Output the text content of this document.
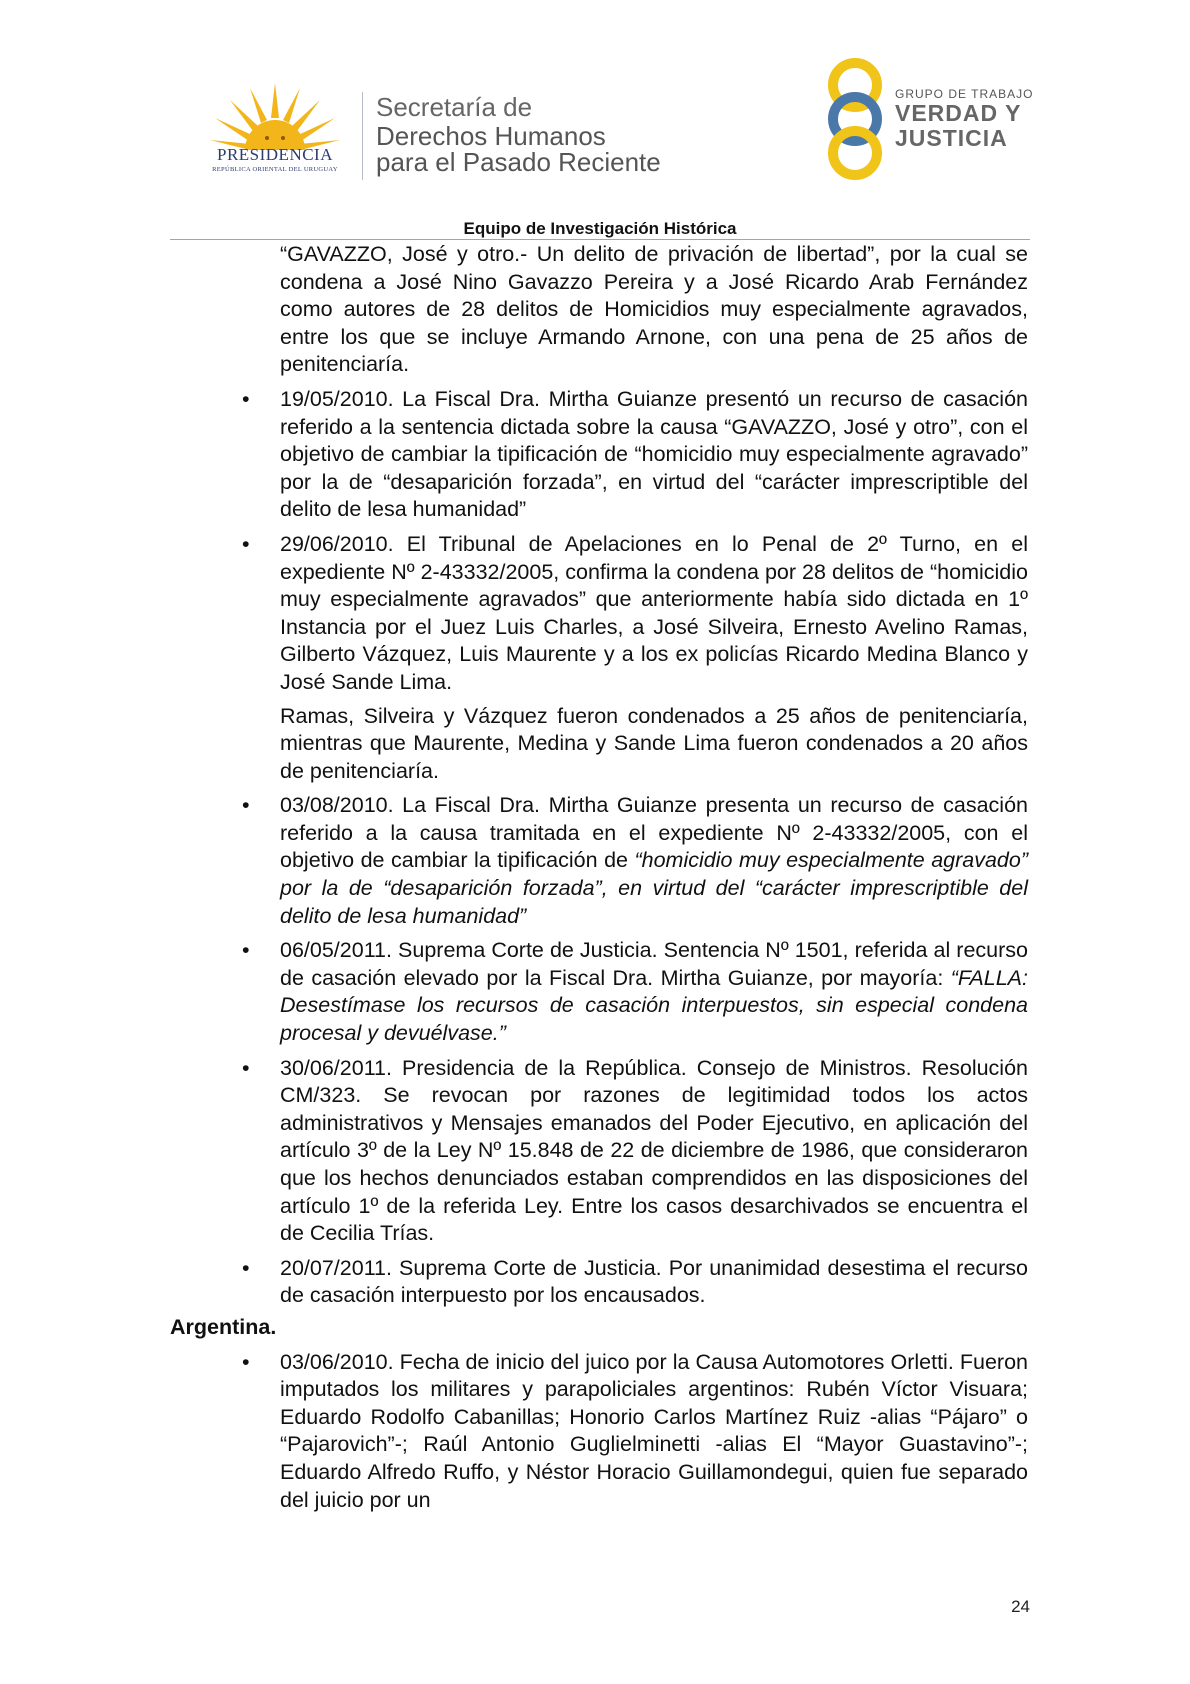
PRESIDENCIA
REPÚBLICA ORIENTAL DEL URUGUAY
Secretaría de
Derechos Humanos
para el Pasado Reciente
GRUPO DE TRABAJO
VERDAD Y
JUSTICIA
Equipo de Investigación Histórica

“GAVAZZO, José y otro.- Un delito de privación de libertad”, por la cual se condena a José Nino Gavazzo Pereira y a José Ricardo Arab Fernández como autores de 28 delitos de Homicidios muy especialmente agravados, entre los que se incluye Armando Arnone, con una pena de 25 años de penitenciaría.

• 19/05/2010. La Fiscal Dra. Mirtha Guianze presentó un recurso de casación referido a la sentencia dictada sobre la causa “GAVAZZO, José y otro”, con el objetivo de cambiar la tipificación de “homicidio muy especialmente agravado” por la de “desaparición forzada”, en virtud del “carácter imprescriptible del delito de lesa humanidad”

• 29/06/2010. El Tribunal de Apelaciones en lo Penal de 2º Turno, en el expediente Nº 2-43332/2005, confirma la condena por 28 delitos de “homicidio muy especialmente agravados” que anteriormente había sido dictada en 1º Instancia por el Juez Luis Charles, a José Silveira, Ernesto Avelino Ramas, Gilberto Vázquez, Luis Maurente y a los ex policías Ricardo Medina Blanco y José Sande Lima.

Ramas, Silveira y Vázquez fueron condenados a 25 años de penitenciaría, mientras que Maurente, Medina y Sande Lima fueron condenados a 20 años de penitenciaría.

• 03/08/2010. La Fiscal Dra. Mirtha Guianze presenta un recurso de casación referido a la causa tramitada en el expediente Nº 2-43332/2005, con el objetivo de cambiar la tipificación de “homicidio muy especialmente agravado” por la de “desaparición forzada”, en virtud del “carácter imprescriptible del delito de lesa humanidad”

• 06/05/2011. Suprema Corte de Justicia. Sentencia Nº 1501, referida al recurso de casación elevado por la Fiscal Dra. Mirtha Guianze, por mayoría: “FALLA: Desestímase los recursos de casación interpuestos, sin especial condena procesal y devuélvase.”

• 30/06/2011. Presidencia de la República. Consejo de Ministros. Resolución CM/323. Se revocan por razones de legitimidad todos los actos administrativos y Mensajes emanados del Poder Ejecutivo, en aplicación del artículo 3º de la Ley Nº 15.848 de 22 de diciembre de 1986, que consideraron que los hechos denunciados estaban comprendidos en las disposiciones del artículo 1º de la referida Ley. Entre los casos desarchivados se encuentra el de Cecilia Trías.

• 20/07/2011. Suprema Corte de Justicia. Por unanimidad desestima el recurso de casación interpuesto por los encausados.

Argentina.
• 03/06/2010. Fecha de inicio del juico por la Causa Automotores Orletti. Fueron imputados los militares y parapoliciales argentinos: Rubén Víctor Visuara; Eduardo Rodolfo Cabanillas; Honorio Carlos Martínez Ruiz -alias “Pájaro” o “Pajarovich”-; Raúl Antonio Guglielminetti -alias El “Mayor Guastavino”-; Eduardo Alfredo Ruffo, y Néstor Horacio Guillamondegui, quien fue separado del juicio por un

24
